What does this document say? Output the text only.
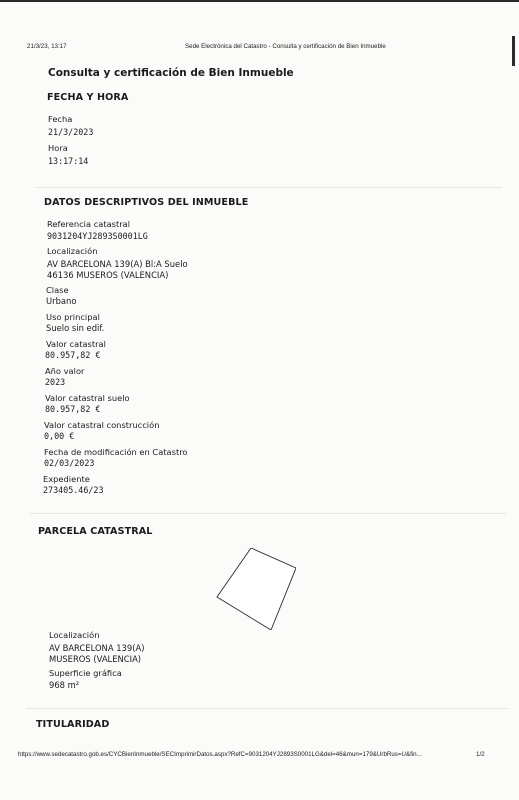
21/3/23, 13:17	Sede Electrónica del Catastro - Consulta y certificación de Bien Inmueble
Consulta y certificación de Bien Inmueble
FECHA Y HORA
Fecha
21/3/2023
Hora
13:17:14
DATOS DESCRIPTIVOS DEL INMUEBLE
Referencia catastral
9031204YJ2893S0001LG
Localización
AV BARCELONA 139(A) Bl:A Suelo
46136 MUSEROS (VALENCIA)
Clase
Urbano
Uso principal
Suelo sin edif.
Valor catastral
80.957,82 €
Año valor
2023
Valor catastral suelo
80.957,82 €
Valor catastral construcción
0,00 €
Fecha de modificación en Catastro
02/03/2023
Expediente
273405.46/23
PARCELA CATASTRAL
Localización
AV BARCELONA 139(A)
MUSEROS (VALENCIA)
Superficie gráfica
968 m²
TITULARIDAD
https://www.sedecatastro.gob.es/CYCBienInmueble/SECImprimirDatos.aspx?RefC=9031204YJ2893S0001LG&del=46&mun=179&UrbRus=U&fin...	1/2
